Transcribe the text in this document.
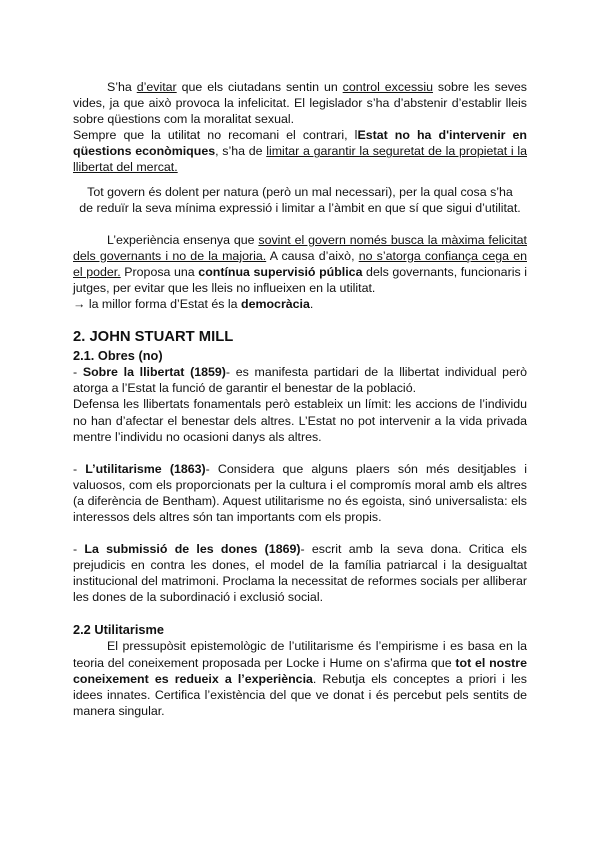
S’ha d’evitar que els ciutadans sentin un control excessiu sobre les seves vides, ja que això provoca la infelicitat. El legislador s’ha d’abstenir d’establir lleis sobre qüestions com la moralitat sexual.

Sempre que la utilitat no recomani el contrari, lEstat no ha d'intervenir en qüestions econòmiques, s’ha de limitar a garantir la seguretat de la propietat i la llibertat del mercat.

Tot govern és dolent per natura (però un mal necessari), per la qual cosa s’ha de reduïr la seva mínima expressió i limitar a l’àmbit en que sí que sigui d’utilitat.

L’experiència ensenya que sovint el govern només busca la màxima felicitat dels governants i no de la majoria. A causa d’això, no s’atorga confiança cega en el poder. Proposa una contínua supervisió pública dels governants, funcionaris i jutges, per evitar que les lleis no influeixen en la utilitat.

→ la millor forma d’Estat és la democràcia.

2. JOHN STUART MILL
2.1. Obres (no)

- Sobre la llibertat (1859)- es manifesta partidari de la llibertat individual però atorga a l’Estat la funció de garantir el benestar de la població.

Defensa les llibertats fonamentals però estableix un límit: les accions de l’individu no han d’afectar el benestar dels altres. L’Estat no pot intervenir a la vida privada mentre l’individu no ocasioni danys als altres.

- L’utilitarisme (1863)- Considera que alguns plaers són més desitjables i valuosos, com els proporcionats per la cultura i el compromís moral amb els altres (a diferència de Bentham). Aquest utilitarisme no és egoista, sinó universalista: els interessos dels altres són tan importants com els propis.

- La submissió de les dones (1869)- escrit amb la seva dona. Critica els prejudicis en contra les dones, el model de la família patriarcal i la desigualtat institucional del matrimoni. Proclama la necessitat de reformes socials per alliberar les dones de la subordinació i exclusió social.

2.2 Utilitarisme

El pressupòsit epistemològic de l’utilitarisme és l’empirisme i es basa en la teoria del coneixement proposada per Locke i Hume on s’afirma que tot el nostre coneixement es redueix a l’experiència. Rebutja els conceptes a priori i les idees innates. Certifica l’existència del que ve donat i és percebut pels sentits de manera singular.
